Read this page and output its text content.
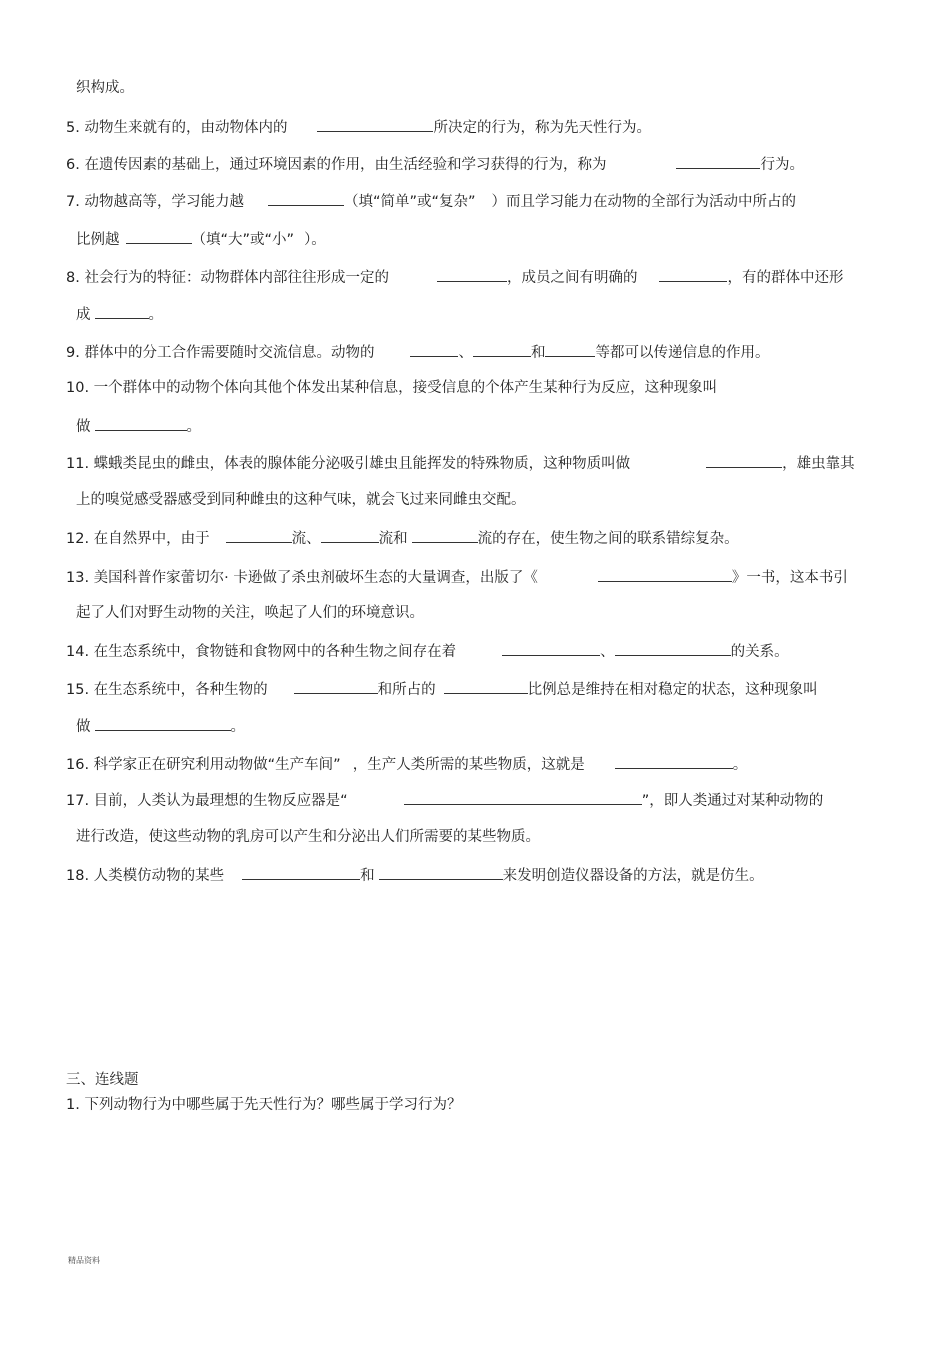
织构成。
5. 动物生来就有的，由动物体内的	所决定的行为，称为先天性行为。
6. 在遗传因素的基础上，通过环境因素的作用，由生活经验和学习获得的行为，称为	行为。
7. 动物越高等，学习能力越	（填“简单”或“复杂” ）而且学习能力在动物的全部行为活动中所占的
比例越	（填“大”或“小” ）。
8. 社会行为的特征：动物群体内部往往形成一定的	，成员之间有明确的	，有的群体中还形
成	。
9. 群体中的分工合作需要随时交流信息。动物的	、	和	等都可以传递信息的作用。
10. 一个群体中的动物个体向其他个体发出某种信息，接受信息的个体产生某种行为反应，这种现象叫
做	。
11. 蝶蛾类昆虫的雌虫，体表的腺体能分泌吸引雄虫且能挥发的特殊物质，这种物质叫做	，雄虫靠其
上的嗅觉感受器感受到同种雌虫的这种气味，就会飞过来同雌虫交配。
12. 在自然界中，由于	流、	流和	流的存在，使生物之间的联系错综复杂。
13. 美国科普作家蕾切尔· 卡逊做了杀虫剂破坏生态的大量调查，出版了《	》一书，这本书引
起了人们对野生动物的关注，唤起了人们的环境意识。
14. 在生态系统中，食物链和食物网中的各种生物之间存在着	、	的关系。
15. 在生态系统中，各种生物的	和所占的	比例总是维持在相对稳定的状态，这种现象叫
做	。
16. 科学家正在研究利用动物做“生产车间” ，生产人类所需的某些物质，这就是	。
17. 目前，人类认为最理想的生物反应器是“	”，即人类通过对某种动物的
进行改造，使这些动物的乳房可以产生和分泌出人们所需要的某些物质。
18. 人类模仿动物的某些	和	来发明创造仪器设备的方法，就是仿生。
三、连线题
1. 下列动物行为中哪些属于先天性行为？哪些属于学习行为？
精品资料
